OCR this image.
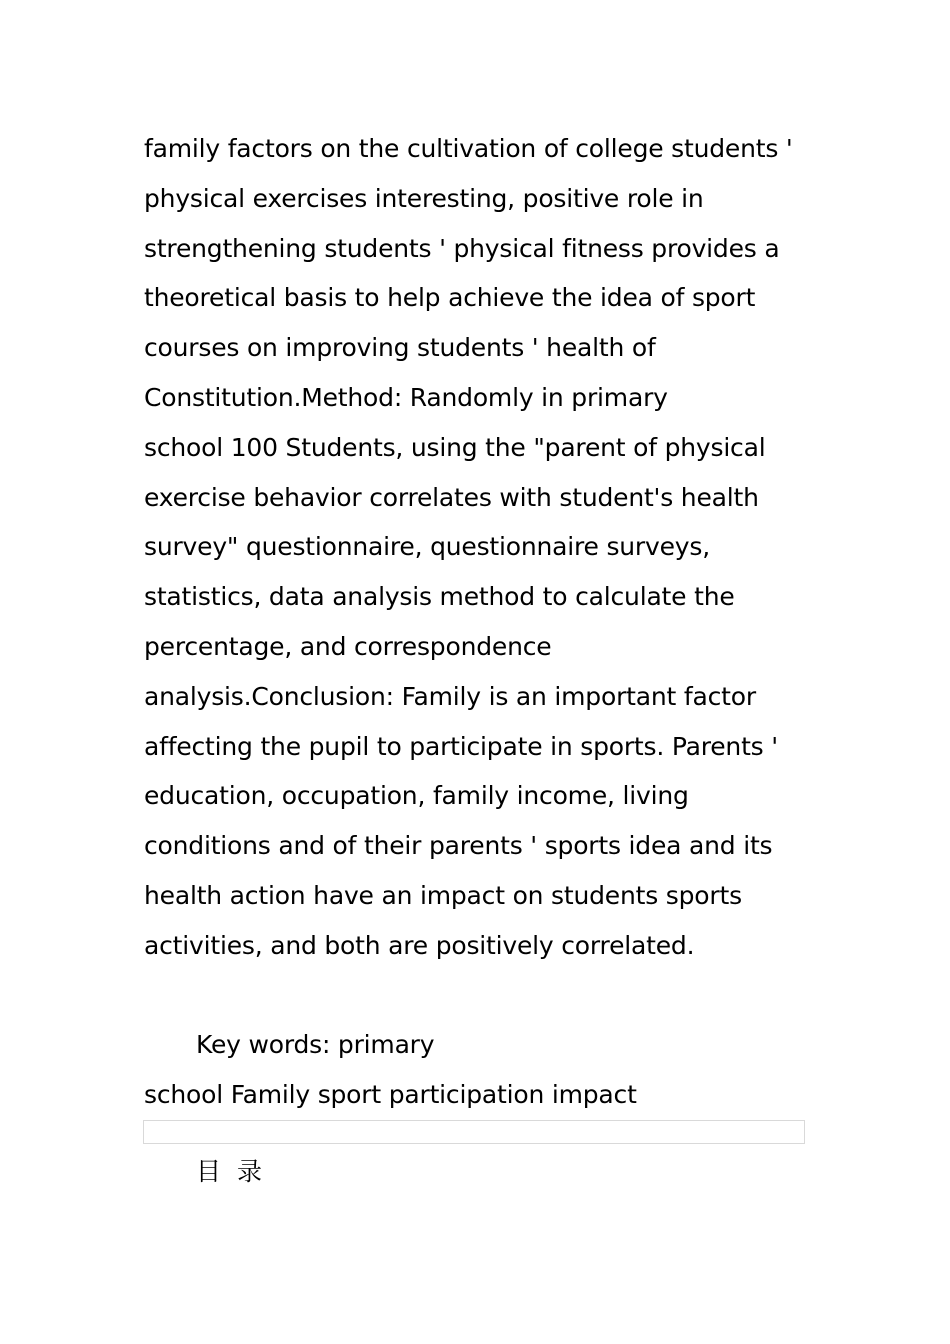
family factors on the cultivation of college students '
physical exercises interesting, positive role in
strengthening students ' physical fitness provides a
theoretical basis to help achieve the idea of sport
courses on improving students ' health of
Constitution.Method: Randomly in primary
school 100 Students, using the "parent of physical
exercise behavior correlates with student's health
survey" questionnaire, questionnaire surveys,
statistics, data analysis method to calculate the
percentage, and correspondence
analysis.Conclusion: Family is an important factor
affecting the pupil to participate in sports. Parents '
education, occupation, family income, living
conditions and of their parents ' sports idea and its
health action have an impact on students sports
activities, and both are positively correlated.
Key words: primary
school Family sport participation impact
目 录
